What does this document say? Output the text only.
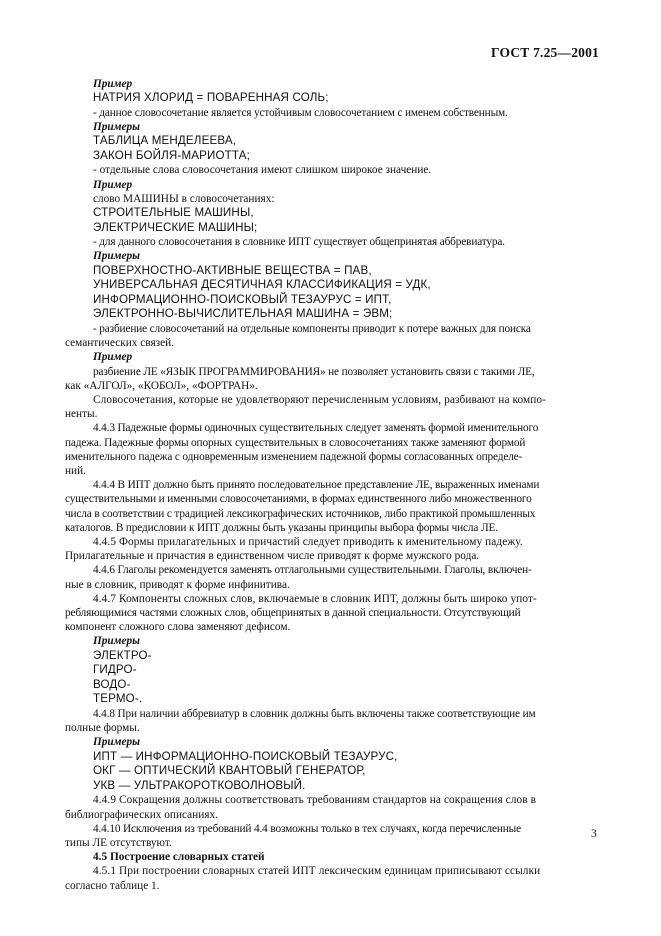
ГОСТ 7.25—2001
Пример
НАТРИЯ ХЛОРИД = ПОВАРЕННАЯ СОЛЬ;
- данное словосочетание является устойчивым словосочетанием с именем собственным.
Примеры
ТАБЛИЦА МЕНДЕЛЕЕВА,
ЗАКОН БОЙЛЯ-МАРИОТТА;
- отдельные слова словосочетания имеют слишком широкое значение.
Пример
слово МАШИНЫ в словосочетаниях:
СТРОИТЕЛЬНЫЕ МАШИНЫ,
ЭЛЕКТРИЧЕСКИЕ МАШИНЫ;
- для данного словосочетания в словнике ИПТ существует общепринятая аббревиатура.
Примеры
ПОВЕРХНОСТНО-АКТИВНЫЕ ВЕЩЕСТВА = ПАВ,
УНИВЕРСАЛЬНАЯ ДЕСЯТИЧНАЯ КЛАССИФИКАЦИЯ = УДК,
ИНФОРМАЦИОННО-ПОИСКОВЫЙ ТЕЗАУРУС = ИПТ,
ЭЛЕКТРОННО-ВЫЧИСЛИТЕЛЬНАЯ МАШИНА = ЭВМ;
- разбиение словосочетаний на отдельные компоненты приводит к потере важных для поиска
семантических связей.
Пример
разбиение ЛЕ «ЯЗЫК ПРОГРАММИРОВАНИЯ» не позволяет установить связи с такими ЛЕ,
как «АЛГОЛ», «КОБОЛ», «ФОРТРАН».
Словосочетания, которые не удовлетворяют перечисленным условиям, разбивают на компо-
ненты.
4.4.3 Падежные формы одиночных существительных следует заменять формой именительного
падежа. Падежные формы опорных существительных в словосочетаниях также заменяют формой
именительного падежа с одновременным изменением падежной формы согласованных определе-
ний.
4.4.4 В ИПТ должно быть принято последовательное представление ЛЕ, выраженных именами
существительными и именными словосочетаниями, в формах единственного либо множественного
числа в соответствии с традицией лексикографических источников, либо практикой промышленных
каталогов. В предисловии к ИПТ должны быть указаны принципы выбора формы числа ЛЕ.
4.4.5 Формы прилагательных и причастий следует приводить к именительному падежу.
Прилагательные и причастия в единственном числе приводят к форме мужского рода.
4.4.6 Глаголы рекомендуется заменять отглагольными существительными. Глаголы, включен-
ные в словник, приводят к форме инфинитива.
4.4.7 Компоненты сложных слов, включаемые в словник ИПТ, должны быть широко упот-
ребляющимися частями сложных слов, общепринятых в данной специальности. Отсутствующий
компонент сложного слова заменяют дефисом.
Примеры
ЭЛЕКТРО-
ГИДРО-
ВОДО-
ТЕРМО-.
4.4.8 При наличии аббревиатур в словник должны быть включены также соответствующие им
полные формы.
Примеры
ИПТ — ИНФОРМАЦИОННО-ПОИСКОВЫЙ ТЕЗАУРУС,
ОКГ — ОПТИЧЕСКИЙ КВАНТОВЫЙ ГЕНЕРАТОР,
УКВ — УЛЬТРАКОРОТКОВОЛНОВЫЙ.
4.4.9 Сокращения должны соответствовать требованиям стандартов на сокращения слов в
библиографических описаниях.
4.4.10 Исключения из требований 4.4 возможны только в тех случаях, когда перечисленные
типы ЛЕ отсутствуют.
4.5 Построение словарных статей
4.5.1 При построении словарных статей ИПТ лексическим единицам приписывают ссылки
согласно таблице 1.
3
